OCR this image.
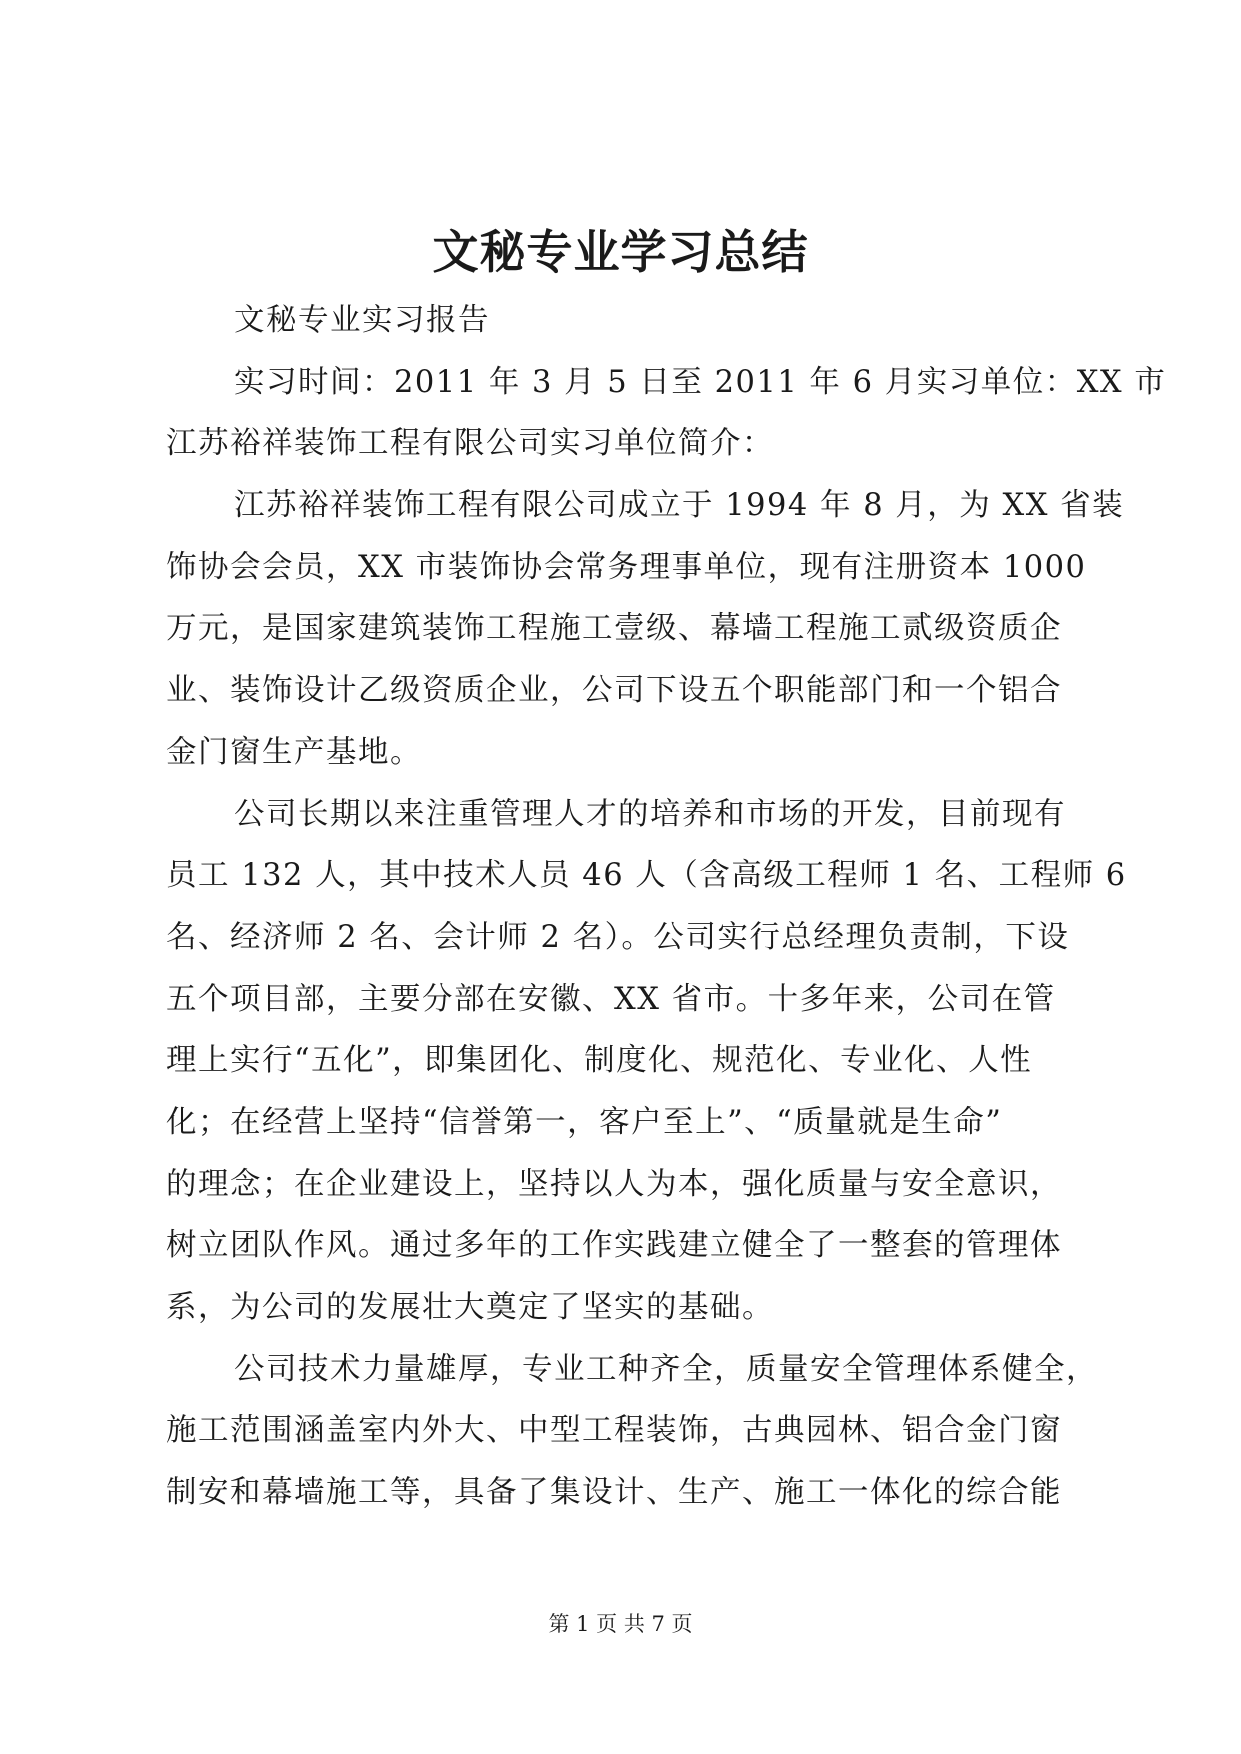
文秘专业学习总结
文秘专业实习报告
实习时间：2011 年 3 月 5 日至 2011 年 6 月实习单位：XX 市
江苏裕祥装饰工程有限公司实习单位简介：
江苏裕祥装饰工程有限公司成立于 1994 年 8 月，为 XX 省装
饰协会会员，XX 市装饰协会常务理事单位，现有注册资本 1000
万元，是国家建筑装饰工程施工壹级、幕墙工程施工贰级资质企
业、装饰设计乙级资质企业，公司下设五个职能部门和一个铝合
金门窗生产基地。
公司长期以来注重管理人才的培养和市场的开发，目前现有
员工 132 人，其中技术人员 46 人（含高级工程师 1 名、工程师 6
名、经济师 2 名、会计师 2 名）。公司实行总经理负责制，下设
五个项目部，主要分部在安徽、XX 省市。十多年来，公司在管
理上实行“五化”，即集团化、制度化、规范化、专业化、人性
化；在经营上坚持“信誉第一，客户至上”、“质量就是生命”
的理念；在企业建设上，坚持以人为本，强化质量与安全意识，
树立团队作风。通过多年的工作实践建立健全了一整套的管理体
系，为公司的发展壮大奠定了坚实的基础。
公司技术力量雄厚，专业工种齐全，质量安全管理体系健全，
施工范围涵盖室内外大、中型工程装饰，古典园林、铝合金门窗
制安和幕墙施工等，具备了集设计、生产、施工一体化的综合能
第 1 页 共 7 页
